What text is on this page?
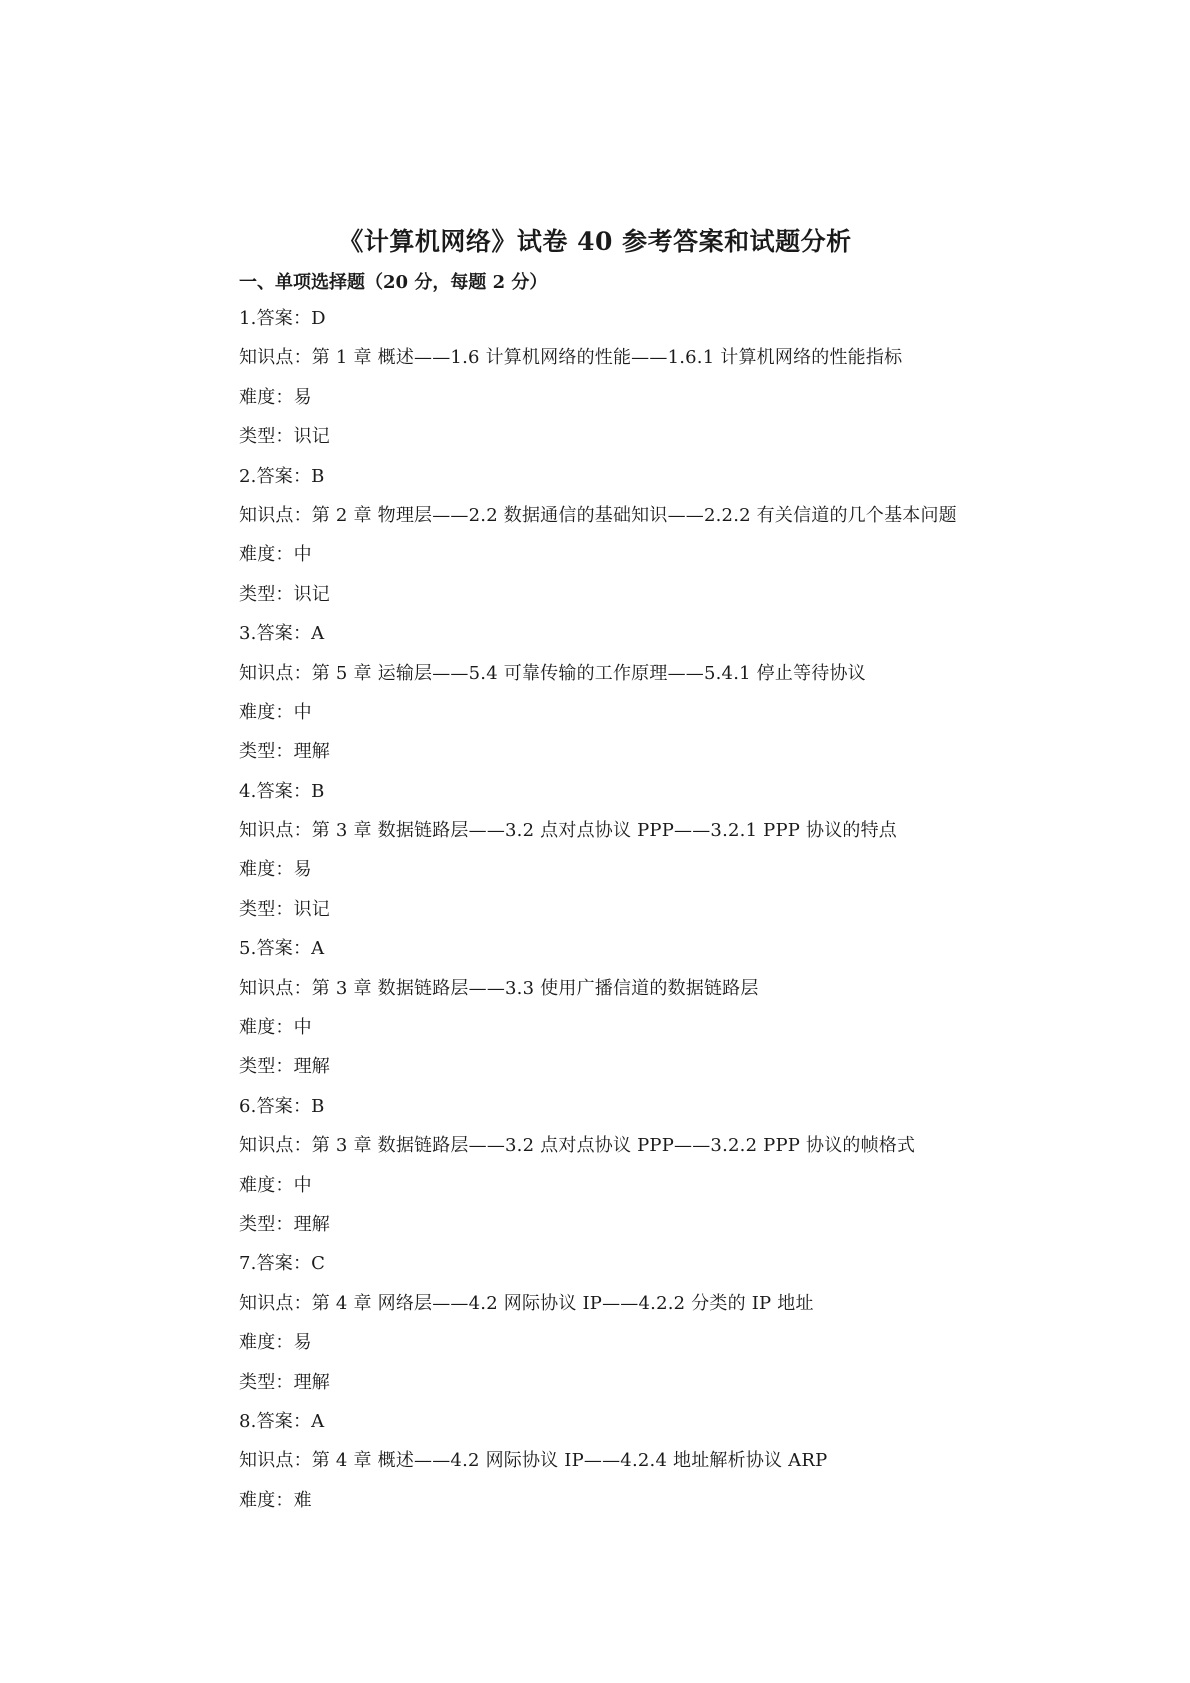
《计算机网络》试卷 40 参考答案和试题分析
一、单项选择题（20 分，每题 2 分）
1.答案：D
知识点：第 1 章 概述——1.6 计算机网络的性能——1.6.1 计算机网络的性能指标
难度：易
类型：识记
2.答案：B
知识点：第 2 章 物理层——2.2 数据通信的基础知识——2.2.2 有关信道的几个基本问题
难度：中
类型：识记
3.答案：A
知识点：第 5 章 运输层——5.4 可靠传输的工作原理——5.4.1 停止等待协议
难度：中
类型：理解
4.答案：B
知识点：第 3 章 数据链路层——3.2 点对点协议 PPP——3.2.1 PPP 协议的特点
难度：易
类型：识记
5.答案：A
知识点：第 3 章 数据链路层——3.3 使用广播信道的数据链路层
难度：中
类型：理解
6.答案：B
知识点：第 3 章 数据链路层——3.2 点对点协议 PPP——3.2.2 PPP 协议的帧格式
难度：中
类型：理解
7.答案：C
知识点：第 4 章 网络层——4.2 网际协议 IP——4.2.2 分类的 IP 地址
难度：易
类型：理解
8.答案：A
知识点：第 4 章 概述——4.2 网际协议 IP——4.2.4 地址解析协议 ARP
难度：难
